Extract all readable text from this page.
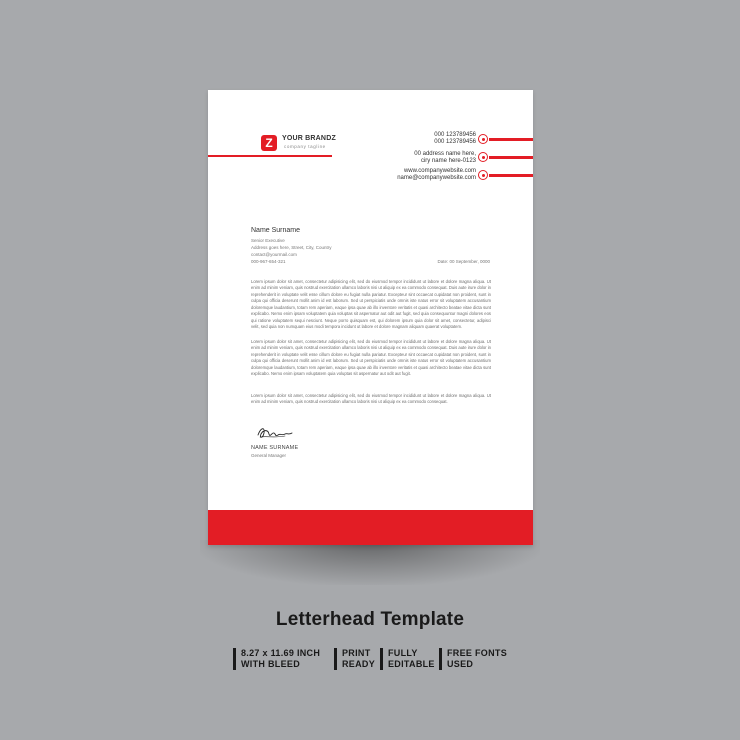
Z	YOUR BRANDZ
company tagline
000 123789456
000 123789456
00 address name here,
ciry name here-0123
www.companywebsite.com
name@companywebsite.com
Name Surname
Senior Executive
Address goes here, Street, City, Country
contact@yourmail.com
000-967-654-321	Date: 00 September, 0000
Lorem ipsum dolor sit amet, consectetur adipisicing elit, sed do eiusmod tempor incididunt ut labore et dolore magna aliqua. Ut enim ad minim veniam, quis nostrud exercitation ullamco laboris nisi ut aliquip ex ea commodo consequat. Duis aute irure dolor in reprehenderit in voluptate velit esse cillum dolore eu fugiat nulla pariatur. Excepteur sint occaecat cupidatat non proident, sunt in culpa qui officia deserunt mollit anim id est laborum. Sed ut perspiciatis unde omnis iste natus error sit voluptatem accusantium doloremque laudantium, totam rem aperiam, eaque ipsa quae ab illo inventore veritatis et quasi architecto beatae vitae dicta sunt explicabo. Nemo enim ipsam voluptatem quia voluptas sit aspernatur aut odit aut fugit, sed quia consequuntur magni dolores eos qui ratione voluptatem sequi nesciunt. Neque porro quisquam est, qui dolorem ipsum quia dolor sit amet, consectetur, adipisci velit, sed quia non numquam eius modi tempora incidunt ut labore et dolore magnam aliquam quaerat voluptatem.
Lorem ipsum dolor sit amet, consectetur adipisicing elit, sed do eiusmod tempor incididunt ut labore et dolore magna aliqua. Ut enim ad minim veniam, quis nostrud exercitation ullamco laboris nisi ut aliquip ex ea commodo consequat. Duis aute irure dolor in reprehenderit in voluptate velit esse cillum dolore eu fugiat nulla pariatur. Excepteur sint occaecat cupidatat non proident, sunt in culpa qui officia deserunt mollit anim id est laborum. Sed ut perspiciatis unde omnis iste natus error sit voluptatem accusantium doloremque laudantium, totam rem aperiam, eaque ipsa quae ab illo inventore veritatis et quasi architecto beatae vitae dicta sunt explicabo. Nemo enim ipsam voluptatem quia voluptas sit aspernatur aut odit aut fugit.
Lorem ipsum dolor sit amet, consectetur adipisicing elit, sed do eiusmod tempor incididunt ut labore et dolore magna aliqua. Ut enim ad minim veniam, quis nostrud exercitation ullamco laboris nisi ut aliquip ex ea commodo consequat.
NAME SURNAME
General Manager
Letterhead Template
8.27 x 11.69 INCH
WITH BLEED
PRINT
READY
FULLY
EDITABLE
FREE FONTS
USED
